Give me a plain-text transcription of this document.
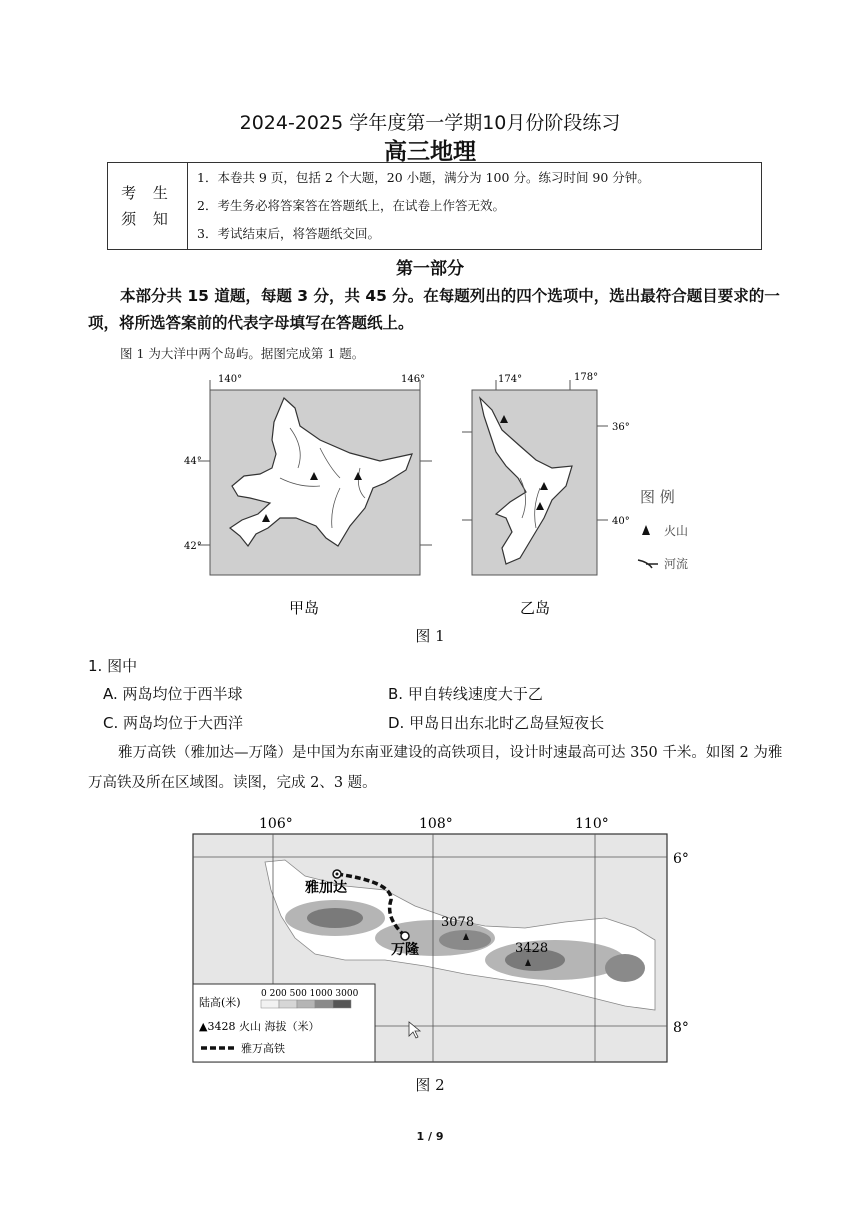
2024-2025 学年度第一学期10月份阶段练习
高三地理
考 生
须 知

1．本卷共 9 页，包括 2 个大题，20 小题，满分为 100 分。练习时间 90 分钟。
2．考生务必将答案答在答题纸上，在试卷上作答无效。
3．考试结束后，将答题纸交回。
第一部分
本部分共 15 道题，每题 3 分，共 45 分。在每题列出的四个选项中，选出最符合题目要求的一项，将所选答案前的代表字母填写在答题纸上。
图 1 为大洋中两个岛屿。据图完成第 1 题。
140°	146°
44°
42°
174°	178°
36°
40°
图 例
火山
河流
甲岛	乙岛
图 1
1. 图中
A. 两岛均位于西半球	B. 甲自转线速度大于乙
C. 两岛均位于大西洋	D. 甲岛日出东北时乙岛昼短夜长
雅万高铁（雅加达—万隆）是中国为东南亚建设的高铁项目，设计时速最高可达 350 千米。如图 2 为雅万高铁及所在区域图。读图，完成 2、3 题。
106°	108°	110°
6°
8°
雅加达
万隆
3078
3428
陆高(米)
0 200 500 1000 3000
▲3428 火山 海拔（米）
雅万高铁
图 2
1 / 9
